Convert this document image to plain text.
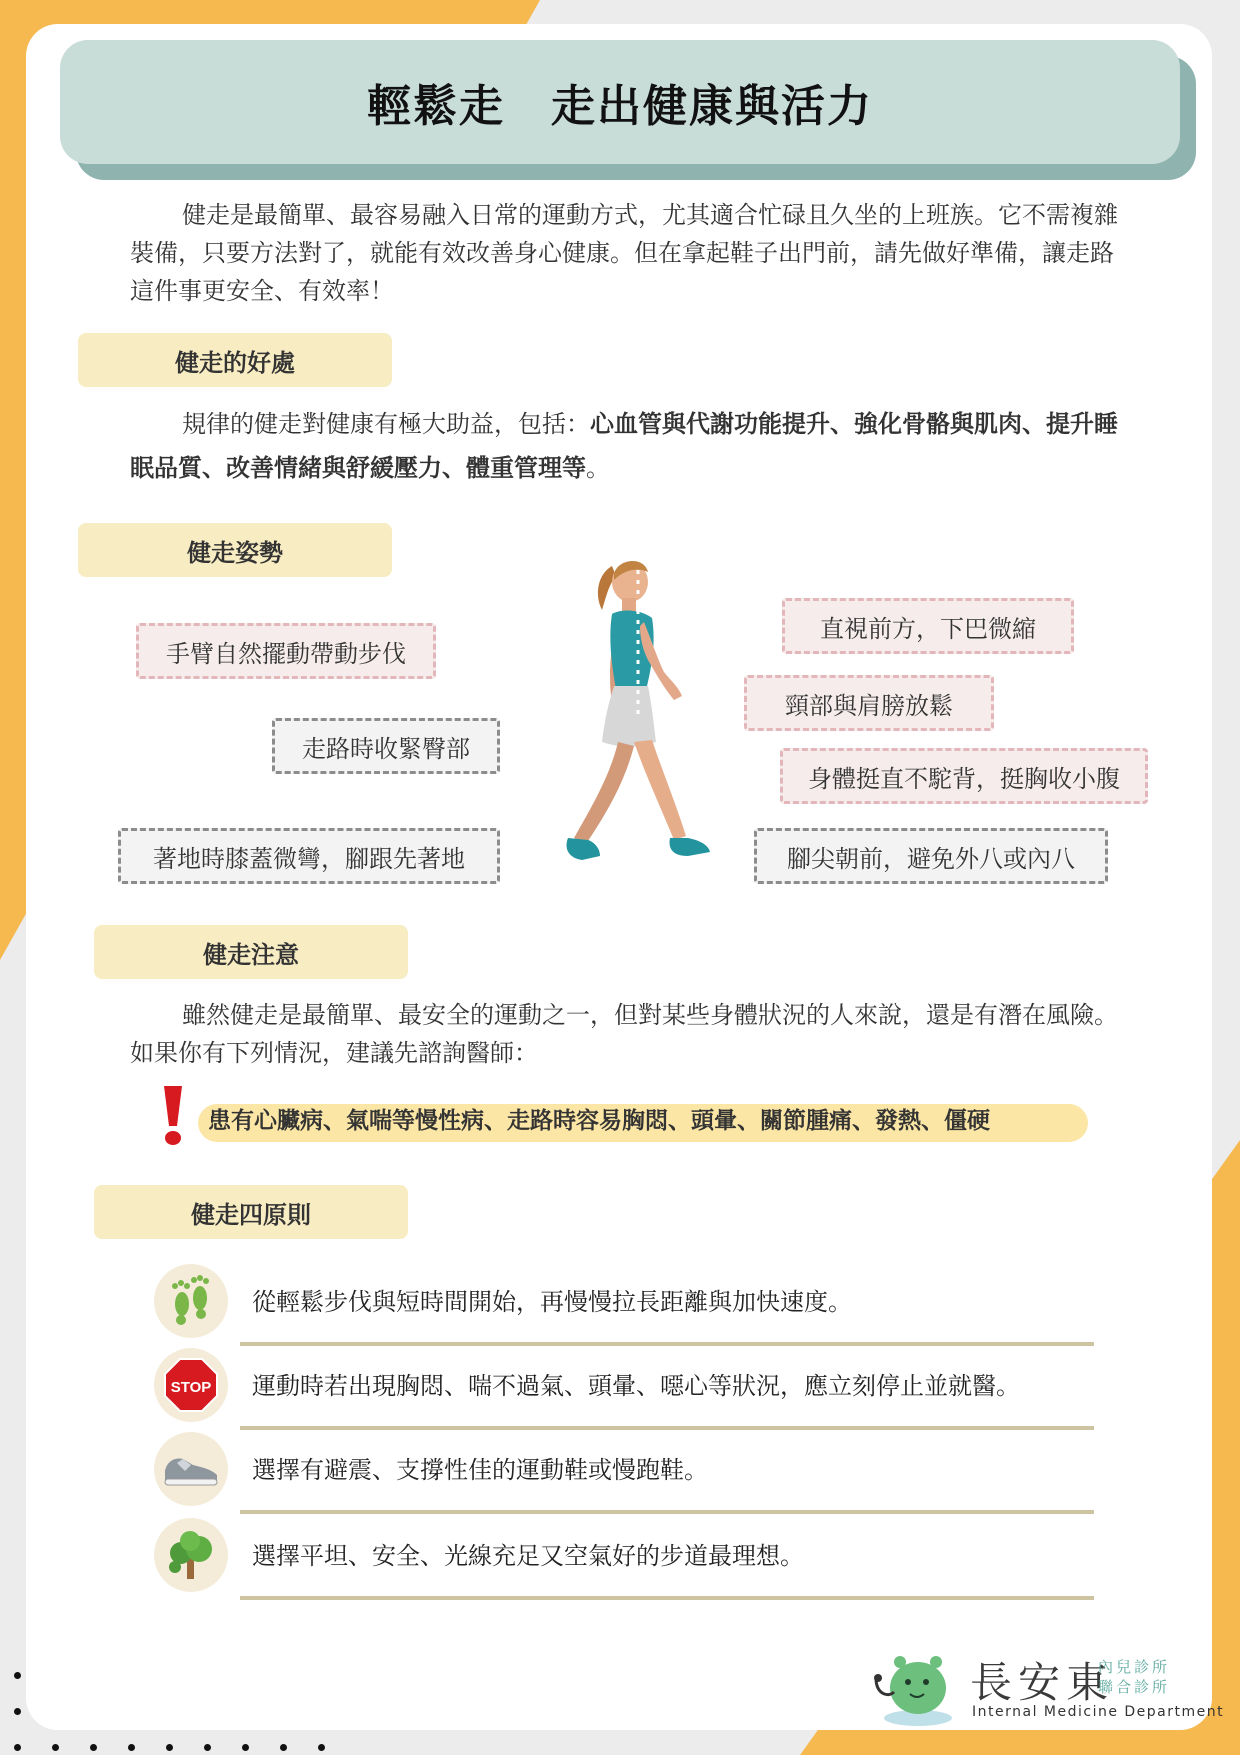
輕鬆走　走出健康與活力
健走是最簡單、最容易融入日常的運動方式，尤其適合忙碌且久坐的上班族。它不需複雜裝備，只要方法對了，就能有效改善身心健康。但在拿起鞋子出門前，請先做好準備，讓走路這件事更安全、有效率！
健走的好處
規律的健走對健康有極大助益，包括：心血管與代謝功能提升、強化骨骼與肌肉、提升睡眠品質、改善情緒與舒緩壓力、體重管理等。
健走姿勢
手臂自然擺動帶動步伐
走路時收緊臀部
著地時膝蓋微彎，腳跟先著地
直視前方，下巴微縮
頸部與肩膀放鬆
身體挺直不駝背，挺胸收小腹
腳尖朝前，避免外八或內八
健走注意
雖然健走是最簡單、最安全的運動之一，但對某些身體狀況的人來說，還是有潛在風險。如果你有下列情況，建議先諮詢醫師：
患有心臟病、氣喘等慢性病、走路時容易胸悶、頭暈、關節腫痛、發熱、僵硬
健走四原則
從輕鬆步伐與短時間開始，再慢慢拉長距離與加快速度。
STOP 運動時若出現胸悶、喘不過氣、頭暈、噁心等狀況，應立刻停止並就醫。
選擇有避震、支撐性佳的運動鞋或慢跑鞋。
選擇平坦、安全、光線充足又空氣好的步道最理想。
長安東
內兒診所
聯合診所
Internal Medicine Department
